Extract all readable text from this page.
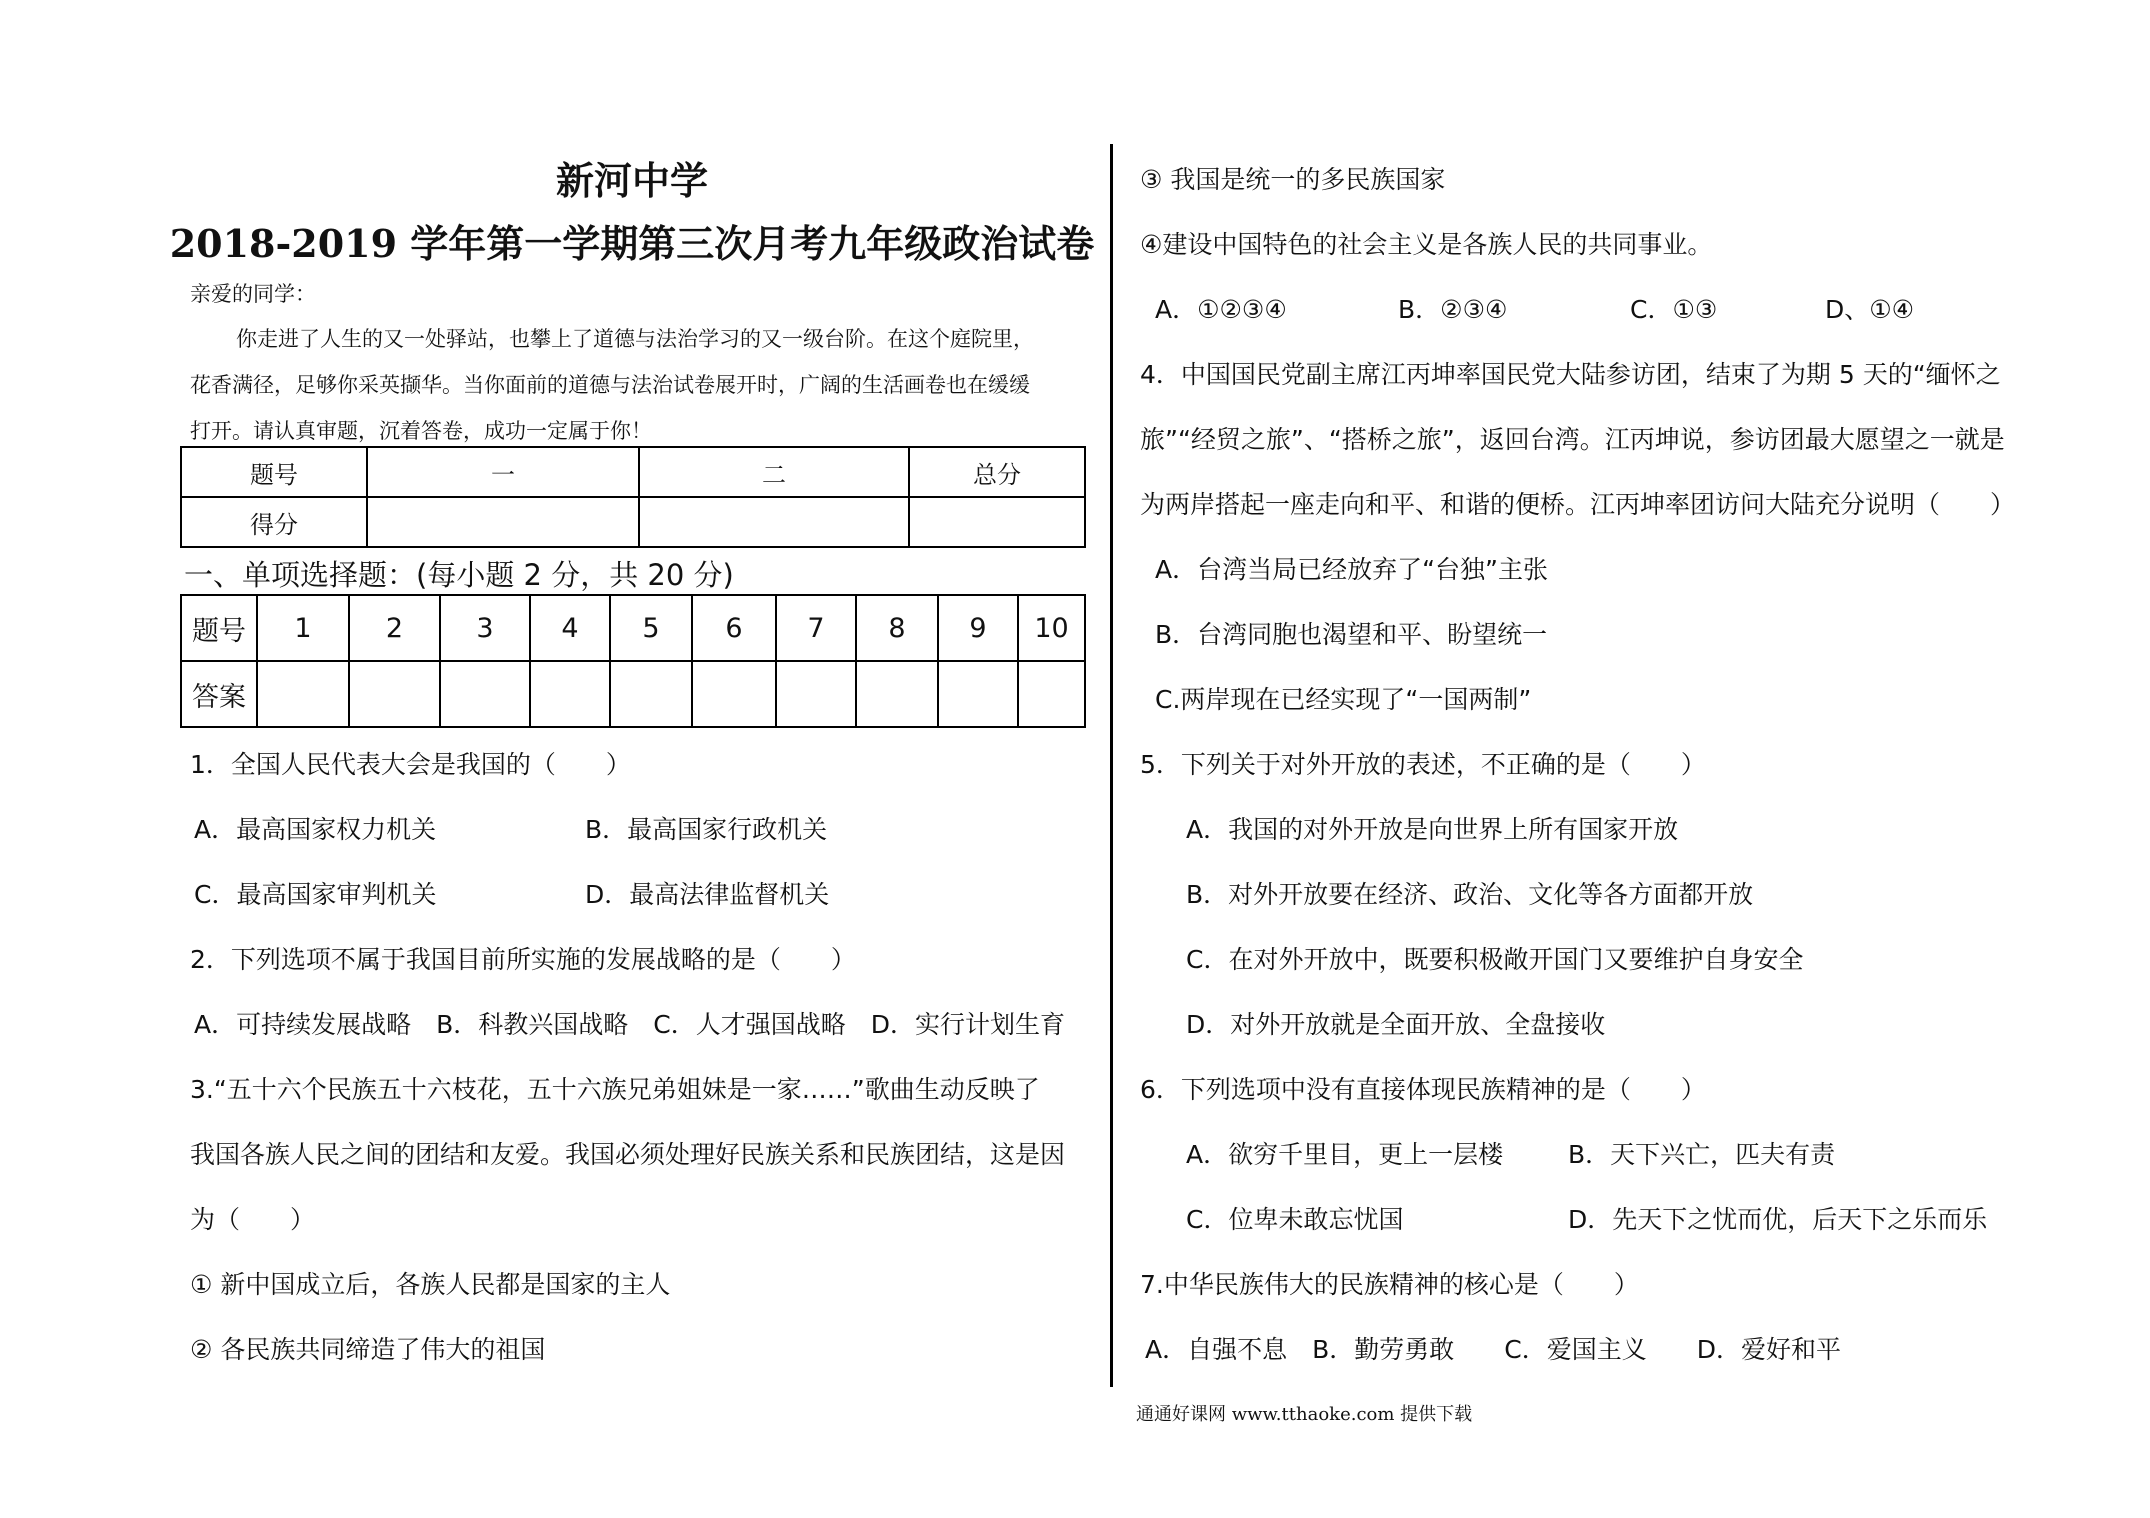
新河中学
2018-2019 学年第一学期第三次月考九年级政治试卷
亲爱的同学：
你走进了人生的又一处驿站，也攀上了道德与法治学习的又一级台阶。在这个庭院里，
花香满径，足够你采英撷华。当你面前的道德与法治试卷展开时，广阔的生活画卷也在缓缓
打开。请认真审题，沉着答卷，成功一定属于你！
题号	一	二	总分
得分			
一、单项选择题：(每小题 2 分，共 20 分)
题号	1	2	3	4	5	6	7	8	9	10
答案										
1．全国人民代表大会是我国的（　　）
A．最高国家权力机关	B．最高国家行政机关
C．最高国家审判机关	D．最高法律监督机关
2．下列选项不属于我国目前所实施的发展战略的是（　　）
A．可持续发展战略　B．科教兴国战略　C．人才强国战略　D．实行计划生育
3.“五十六个民族五十六枝花，五十六族兄弟姐妹是一家……”歌曲生动反映了
我国各族人民之间的团结和友爱。我国必须处理好民族关系和民族团结，这是因
为（　　）
① 新中国成立后，各族人民都是国家的主人
② 各民族共同缔造了伟大的祖国
③ 我国是统一的多民族国家
④建设中国特色的社会主义是各族人民的共同事业。
A．①②③④	B．②③④	C．①③	D、①④
4．中国国民党副主席江丙坤率国民党大陆参访团，结束了为期 5 天的“缅怀之
旅”“经贸之旅”、“搭桥之旅”，返回台湾。江丙坤说，参访团最大愿望之一就是
为两岸搭起一座走向和平、和谐的便桥。江丙坤率团访问大陆充分说明（　　）
A．台湾当局已经放弃了“台独”主张
B．台湾同胞也渴望和平、盼望统一
C.两岸现在已经实现了“一国两制”
5．下列关于对外开放的表述，不正确的是（　　）
A．我国的对外开放是向世界上所有国家开放
B．对外开放要在经济、政治、文化等各方面都开放
C．在对外开放中，既要积极敞开国门又要维护自身安全
D．对外开放就是全面开放、全盘接收
6．下列选项中没有直接体现民族精神的是（　　）
A．欲穷千里目，更上一层楼	B．天下兴亡，匹夫有责
C．位卑未敢忘忧国	D．先天下之忧而优，后天下之乐而乐
7.中华民族伟大的民族精神的核心是（　　）
A．自强不息　B．勤劳勇敢　　C．爱国主义　　D．爱好和平
通通好课网 www.tthaoke.com 提供下载
